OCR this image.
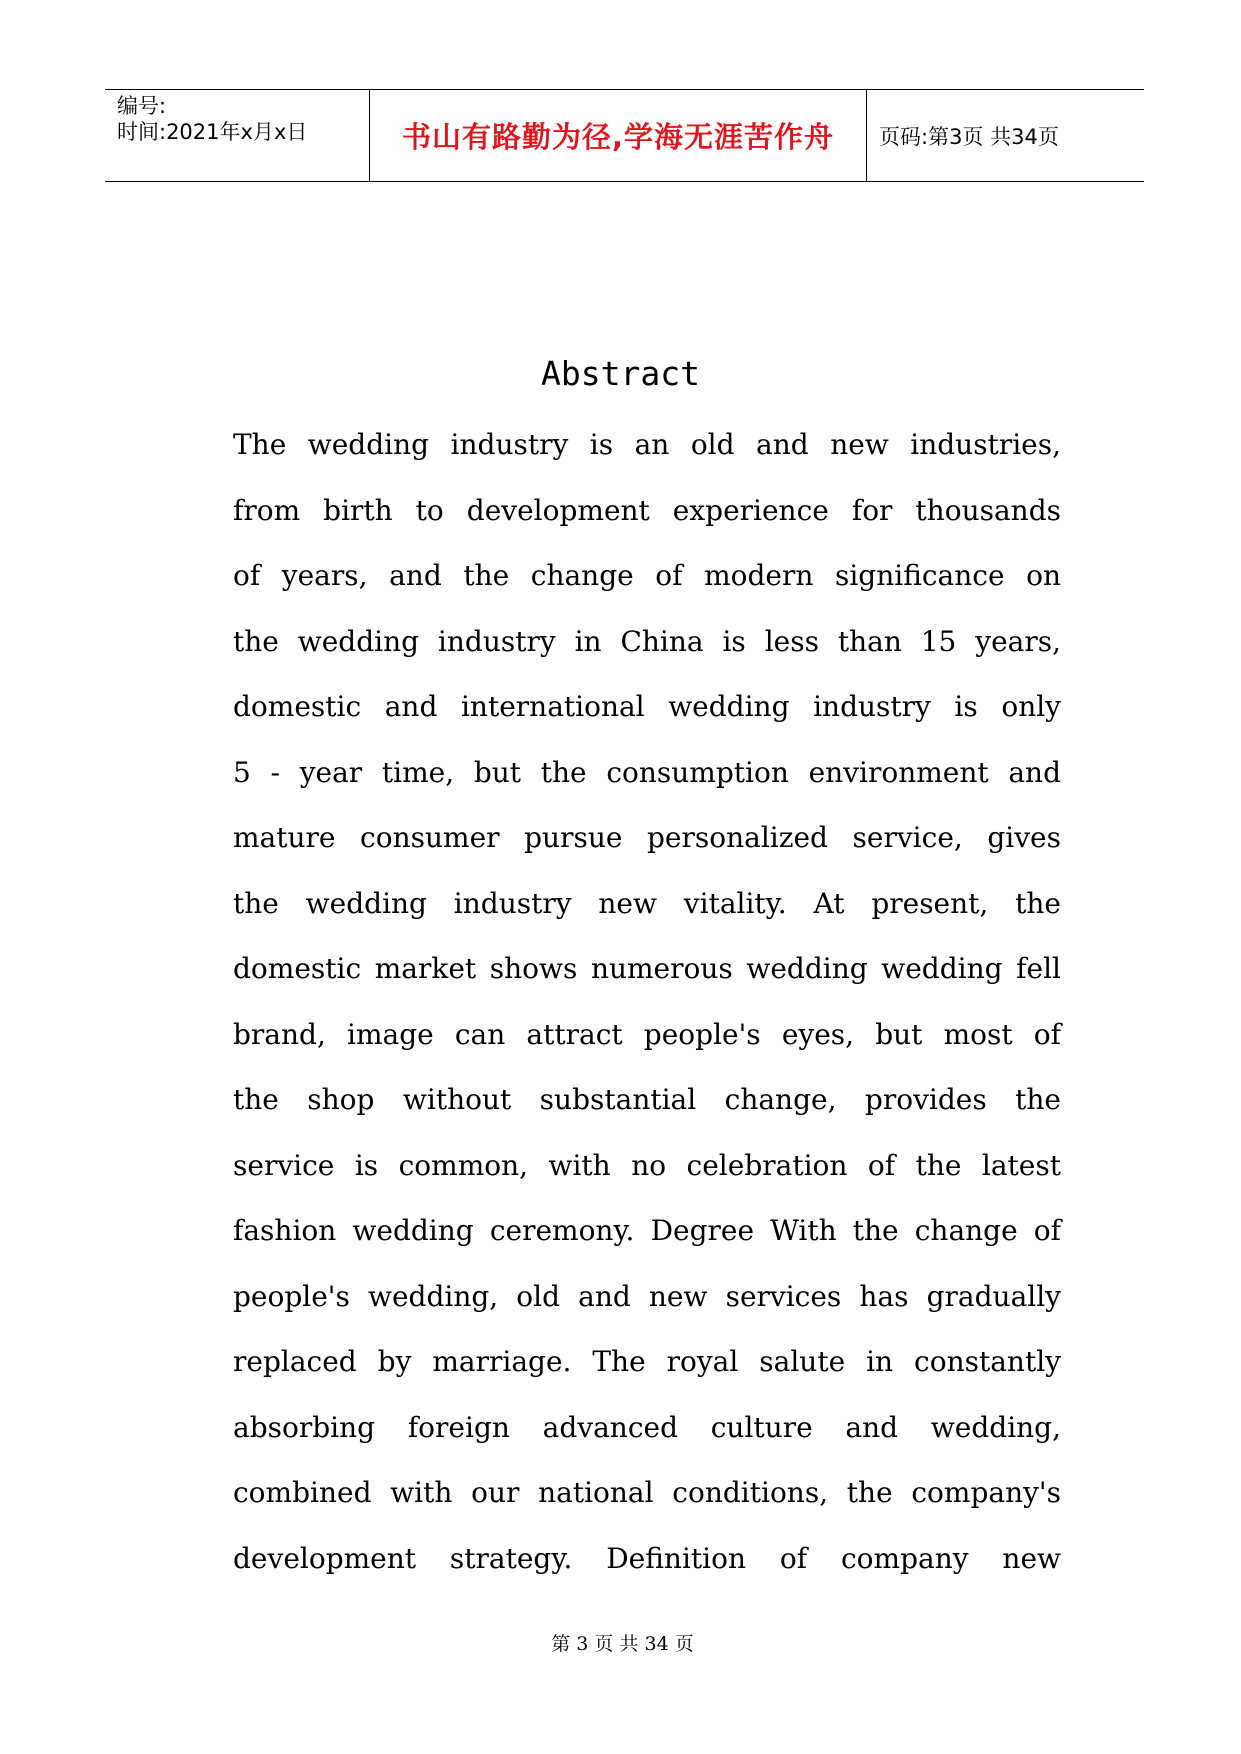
编号:
时间:2021年x月x日	书山有路勤为径,学海无涯苦作舟 页码:第3页 共34页
Abstract
The wedding industry is an old and new industries,
from birth to development experience for thousands
of years, and the change of modern significance on
the wedding industry in China is less than 15 years,
domestic and international wedding industry is only
5 - year time, but the consumption environment and
mature consumer pursue personalized service, gives
the wedding industry new vitality. At present, the
domestic market shows numerous wedding wedding fell
brand, image can attract people's eyes, but most of
the shop without substantial change, provides the
service is common, with no celebration of the latest
fashion wedding ceremony. Degree With the change of
people's wedding, old and new services has gradually
replaced by marriage. The royal salute in constantly
absorbing foreign advanced culture and wedding,
combined with our national conditions, the company's
development strategy. Definition of company new
第 3 页 共 34 页
